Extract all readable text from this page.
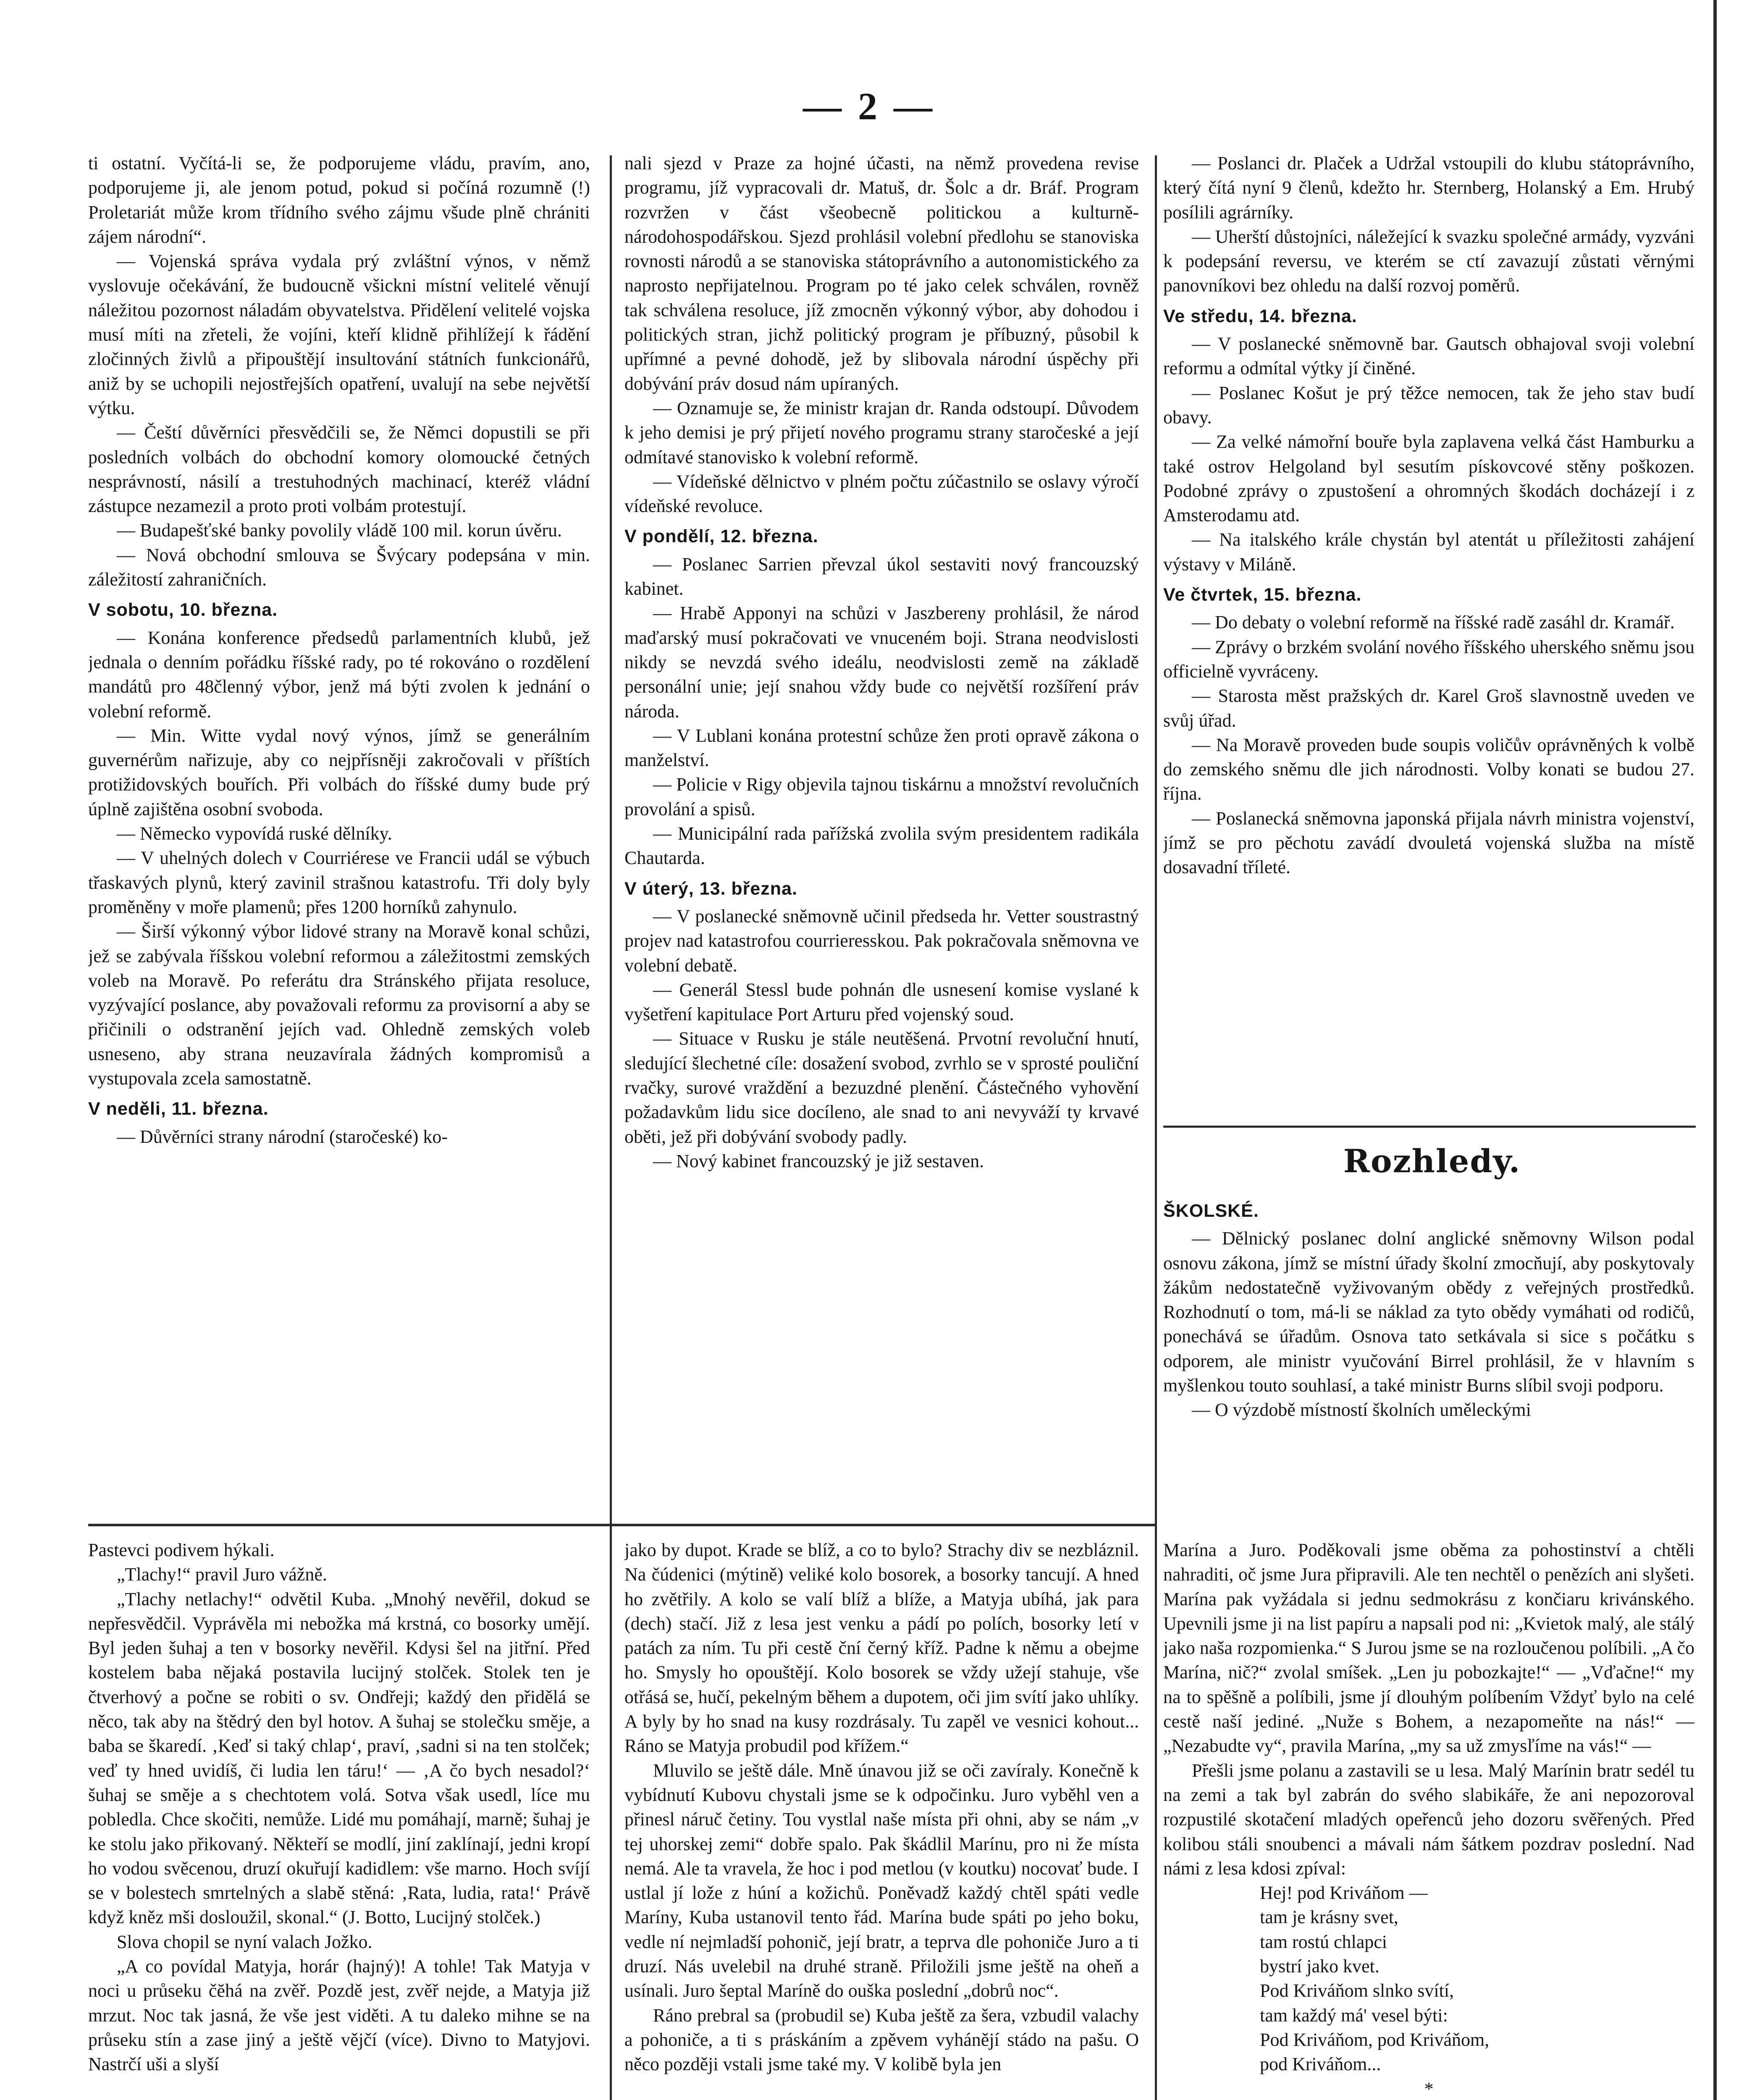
— 2 —

ti ostatní. Vyčítá-li se, že podporujeme vládu, pravím, ano, podporujeme ji, ale jenom potud, pokud si počíná rozumně (!) Proletariát může krom třídního svého zájmu všude plně chrániti zájem národní“.

— Vojenská správa vydala prý zvláštní výnos, v němž vyslovuje očekávání, že budoucně všickni místní velitelé věnují náležitou pozornost náladám obyvatelstva. Přidělení velitelé vojska musí míti na zřeteli, že vojíni, kteří klidně přihlížejí k řádění zločinných živlů a připouštějí insultování státních funkcionářů, aniž by se uchopili nejostřejších opatření, uvalují na sebe největší výtku.

— Čeští důvěrníci přesvědčili se, že Němci dopustili se při posledních volbách do obchodní komory olomoucké četných nesprávností, násilí a trestuhodných machinací, kteréž vládní zástupce nezamezil a proto proti volbám protestují.

— Budapešťské banky povolily vládě 100 mil. korun úvěru.

— Nová obchodní smlouva se Švýcary podepsána v min. záležitostí zahraničních.

V sobotu, 10. března.

— Konána konference předsedů parlamentních klubů, jež jednala o denním pořádku říšské rady, po té rokováno o rozdělení mandátů pro 48členný výbor, jenž má býti zvolen k jednání o volební reformě.

— Min. Witte vydal nový výnos, jímž se generálním guvernérům nařizuje, aby co nejpřísněji zakročovali v příštích protižidovských bouřích. Při volbách do říšské dumy bude prý úplně zajištěna osobní svoboda.

— Německo vypovídá ruské dělníky.

— V uhelných dolech v Courriérese ve Francii udál se výbuch třaskavých plynů, který zavinil strašnou katastrofu. Tři doly byly proměněny v moře plamenů; přes 1200 horníků zahynulo.

— Širší výkonný výbor lidové strany na Moravě konal schůzi, jež se zabývala říšskou volební reformou a záležitostmi zemských voleb na Moravě. Po referátu dra Stránského přijata resoluce, vyzývající poslance, aby považovali reformu za provisorní a aby se přičinili o odstranění jejích vad. Ohledně zemských voleb usneseno, aby strana neuzavírala žádných kompromisů a vystupovala zcela samostatně.

V neděli, 11. března.

— Důvěrníci strany národní (staročeské) ko-

nali sjezd v Praze za hojné účasti, na němž provedena revise programu, jíž vypracovali dr. Matuš, dr. Šolc a dr. Bráf. Program rozvržen v část všeobecně politickou a kulturně-národohospodářskou. Sjezd prohlásil volební předlohu se stanoviska rovnosti národů a se stanoviska státoprávního a autonomistického za naprosto nepřijatelnou. Program po té jako celek schválen, rovněž tak schválena resoluce, jíž zmocněn výkonný výbor, aby dohodou i politických stran, jichž politický program je příbuzný, působil k upřímné a pevné dohodě, jež by slibovala národní úspěchy při dobývání práv dosud nám upíraných.

— Oznamuje se, že ministr krajan dr. Randa odstoupí. Důvodem k jeho demisi je prý přijetí nového programu strany staročeské a její odmítavé stanovisko k volební reformě.

— Vídeňské dělnictvo v plném počtu zúčastnilo se oslavy výročí vídeňské revoluce.

V pondělí, 12. března.

— Poslanec Sarrien převzal úkol sestaviti nový francouzský kabinet.

— Hrabě Apponyi na schůzi v Jaszbereny prohlásil, že národ maďarský musí pokračovati ve vnuceném boji. Strana neodvislosti nikdy se nevzdá svého ideálu, neodvislosti země na základě personální unie; její snahou vždy bude co největší rozšíření práv národa.

— V Lublani konána protestní schůze žen proti opravě zákona o manželství.

— Policie v Rigy objevila tajnou tiskárnu a množství revolučních provolání a spisů.

— Municipální rada pařížská zvolila svým presidentem radikála Chautarda.

V úterý, 13. března.

— V poslanecké sněmovně učinil předseda hr. Vetter soustrastný projev nad katastrofou courrieresskou. Pak pokračovala sněmovna ve volební debatě.

— Generál Stessl bude pohnán dle usnesení komise vyslané k vyšetření kapitulace Port Arturu před vojenský soud.

— Situace v Rusku je stále neutěšená. Prvotní revoluční hnutí, sledující šlechetné cíle: dosažení svobod, zvrhlo se v sprosté pouliční rvačky, surové vraždění a bezuzdné plenění. Částečného vyhovění požadavkům lidu sice docíleno, ale snad to ani nevyváží ty krvavé oběti, jež při dobývání svobody padly.

— Nový kabinet francouzský je již sestaven.

— Poslanci dr. Plaček a Udržal vstoupili do klubu státoprávního, který čítá nyní 9 členů, kdežto hr. Sternberg, Holanský a Em. Hrubý posílili agrárníky.

— Uherští důstojníci, náležející k svazku společné armády, vyzváni k podepsání reversu, ve kterém se ctí zavazují zůstati věrnými panovníkovi bez ohledu na další rozvoj poměrů.

Ve středu, 14. března.

— V poslanecké sněmovně bar. Gautsch obhajoval svoji volební reformu a odmítal výtky jí činěné.

— Poslanec Košut je prý těžce nemocen, tak že jeho stav budí obavy.

— Za velké námořní bouře byla zaplavena velká část Hamburku a také ostrov Helgoland byl sesutím pískovcové stěny poškozen. Podobné zprávy o zpustošení a ohromných škodách docházejí i z Amsterodamu atd.

— Na italského krále chystán byl atentát u příležitosti zahájení výstavy v Miláně.

Ve čtvrtek, 15. března.

— Do debaty o volební reformě na říšské radě zasáhl dr. Kramář.

— Zprávy o brzkém svolání nového říšského uherského sněmu jsou officielně vyvráceny.

— Starosta měst pražských dr. Karel Groš slavnostně uveden ve svůj úřad.

— Na Moravě proveden bude soupis voličův oprávněných k volbě do zemského sněmu dle jich národnosti. Volby konati se budou 27. října.

— Poslanecká sněmovna japonská přijala návrh ministra vojenství, jímž se pro pěchotu zavádí dvouletá vojenská služba na místě dosavadní tříleté.

Rozhledy.

ŠKOLSKÉ.

— Dělnický poslanec dolní anglické sněmovny Wilson podal osnovu zákona, jímž se místní úřady školní zmocňují, aby poskytovaly žákům nedostatečně vyživovaným obědy z veřejných prostředků. Rozhodnutí o tom, má-li se náklad za tyto obědy vymáhati od rodičů, ponechává se úřadům. Osnova tato setkávala si sice s počátku s odporem, ale ministr vyučování Birrel prohlásil, že v hlavním s myšlenkou touto souhlasí, a také ministr Burns slíbil svoji podporu.

— O výzdobě místností školních uměleckými

Pastevci podivem hýkali.

„Tlachy!“ pravil Juro vážně.

„Tlachy netlachy!“ odvětil Kuba. „Mnohý nevěřil, dokud se nepřesvědčil. Vyprávěla mi nebožka má krstná, co bosorky umějí. Byl jeden šuhaj a ten v bosorky nevěřil. Kdysi šel na jitřní. Před kostelem baba nějaká postavila lucijný stolček. Stolek ten je čtverhový a počne se robiti o sv. Ondřeji; každý den přidělá se něco, tak aby na štědrý den byl hotov. A šuhaj se stolečku směje, a baba se škaredí. ‚Keď si taký chlap‘, praví, ‚sadni si na ten stolček; veď ty hned uvidíš, či ludia len táru!‘ — ‚A čo bych nesadol?‘ šuhaj se směje a s chechtotem volá. Sotva však usedl, líce mu pobledla. Chce skočiti, nemůže. Lidé mu pomáhají, marně; šuhaj je ke stolu jako přikovaný. Někteří se modlí, jiní zaklínají, jedni kropí ho vodou svěcenou, druzí okuřují kadidlem: vše marno. Hoch svíjí se v bolestech smrtelných a slabě stěná: ‚Rata, ludia, rata!‘ Právě když kněz mši dosloužil, skonal.“ (J. Botto, Lucijný stolček.)

Slova chopil se nyní valach Jožko.

„A co povídal Matyja, horár (hajný)! A tohle! Tak Matyja v noci u průseku čĕhá na zvěř. Pozdě jest, zvěř nejde, a Matyja již mrzut. Noc tak jasná, že vše jest viděti. A tu daleko mihne se na průseku stín a zase jiný a ještě vějčí (více). Divno to Matyjovi. Nastrčí uši a slyší

jako by dupot. Krade se blíž, a co to bylo? Strachy div se nezbláznil. Na čúdenici (mýtině) veliké kolo bosorek, a bosorky tancují. A hned ho zvětřily. A kolo se valí blíž a blíže, a Matyja ubíhá, jak para (dech) stačí. Již z lesa jest venku a pádí po polích, bosorky letí v patách za ním. Tu při cestě ční černý kříž. Padne k němu a obejme ho. Smysly ho opouštějí. Kolo bosorek se vždy užejí stahuje, vše otřásá se, hučí, pekelným během a dupotem, oči jim svítí jako uhlíky. A byly by ho snad na kusy rozdrásaly. Tu zapěl ve vesnici kohout... Ráno se Matyja probudil pod křížem.“

Mluvilo se ještě dále. Mně únavou již se oči zavíraly. Konečně k vybídnutí Kubovu chystali jsme se k odpočinku. Juro vyběhl ven a přinesl náruč četiny. Tou vystlal naše místa při ohni, aby se nám „v tej uhorskej zemi“ dobře spalo. Pak škádlil Marínu, pro ni že místa nemá. Ale ta vravela, že hoc i pod metlou (v koutku) nocovať bude. I ustlal jí lože z húní a kožichů. Poněvadž každý chtěl spáti vedle Maríny, Kuba ustanovil tento řád. Marína bude spáti po jeho boku, vedle ní nejmladší pohonič, její bratr, a teprva dle pohoniče Juro a ti druzí. Nás uvelebil na druhé straně. Přiložili jsme ještě na oheň a usínali. Juro šeptal Maríně do ouška poslední „dobrů noc“.

Ráno prebral sa (probudil se) Kuba ještě za šera, vzbudil valachy a pohoniče, a ti s práskáním a zpěvem vyhánějí stádo na pašu. O něco později vstali jsme také my. V kolibě byla jen

Marína a Juro. Poděkovali jsme oběma za pohostinství a chtěli nahraditi, oč jsme Jura připravili. Ale ten nechtěl o penězích ani slyšeti. Marína pak vyžádala si jednu sedmokrásu z končiaru krivánského. Upevnili jsme ji na list papíru a napsali pod ni: „Kvietok malý, ale stálý jako naša rozpomienka.“ S Jurou jsme se na rozloučenou políbili. „A čo Marína, nič?“ zvolal smíšek. „Len ju pobozkajte!“ — „Vďačne!“ my na to spěšně a políbili, jsme jí dlouhým políbením Vždyť bylo na celé cestě naší jediné. „Nuže s Bohem, a nezapomeňte na nás!“ — „Nezabudte vy“, pravila Marína, „my sa už zmysľíme na vás!“ —

Přešli jsme polanu a zastavili se u lesa. Malý Marínin bratr sedél tu na zemi a tak byl zabrán do svého slabikáře, že ani nepozoroval rozpustilé skotačení mladých opeřenců jeho dozoru svěřených. Před kolibou stáli snoubenci a mávali nám šátkem pozdrav poslední. Nad námi z lesa kdosi zpíval:

Hej! pod Kriváňom —

tam je krásny svet,

tam rostú chlapci

bystrí jako kvet.

Pod Kriváňom slnko svítí,

tam každý má' vesel býti:

Pod Kriváňom, pod Kriváňom,

pod Kriváňom...

*
